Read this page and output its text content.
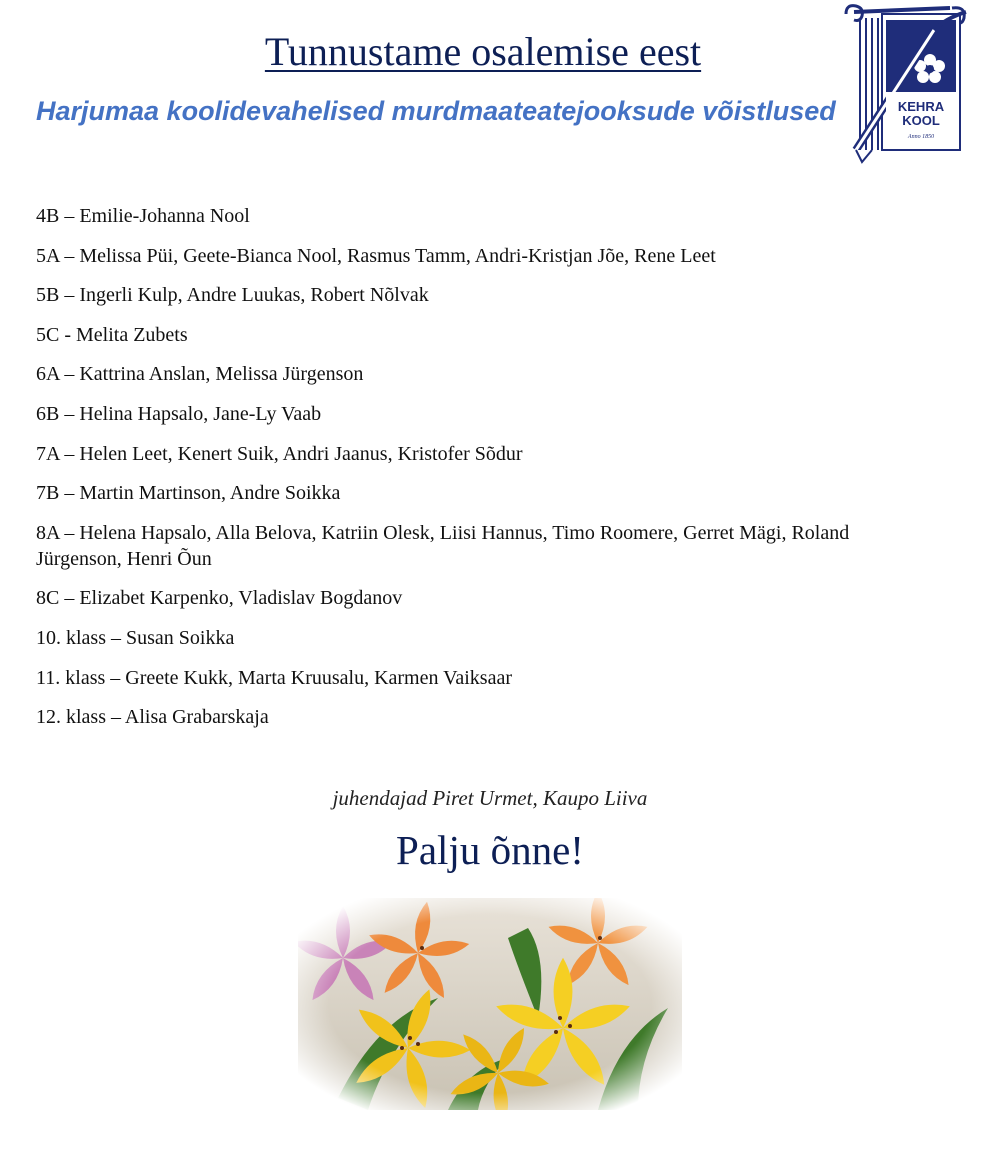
Tunnustame osalemise eest
Harjumaa koolidevahelised murdmaateatejooksude võistlused	KEHRA
KOOL
Anno 1850
4B – Emilie-Johanna Nool
5A – Melissa Püi, Geete-Bianca Nool, Rasmus Tamm, Andri-Kristjan Jõe, Rene Leet
5B – Ingerli Kulp, Andre Luukas, Robert Nõlvak
5C - Melita Zubets
6A – Kattrina Anslan, Melissa Jürgenson
6B – Helina Hapsalo, Jane-Ly Vaab
7A – Helen Leet, Kenert Suik, Andri Jaanus, Kristofer Sõdur
7B – Martin Martinson, Andre Soikka
8A – Helena Hapsalo, Alla Belova, Katriin Olesk, Liisi Hannus, Timo Roomere, Gerret Mägi, Roland Jürgenson, Henri Õun
8C – Elizabet Karpenko, Vladislav Bogdanov
10. klass – Susan Soikka
11. klass – Greete Kukk, Marta Kruusalu, Karmen Vaiksaar
12. klass – Alisa Grabarskaja
juhendajad Piret Urmet, Kaupo Liiva
Palju õnne!
